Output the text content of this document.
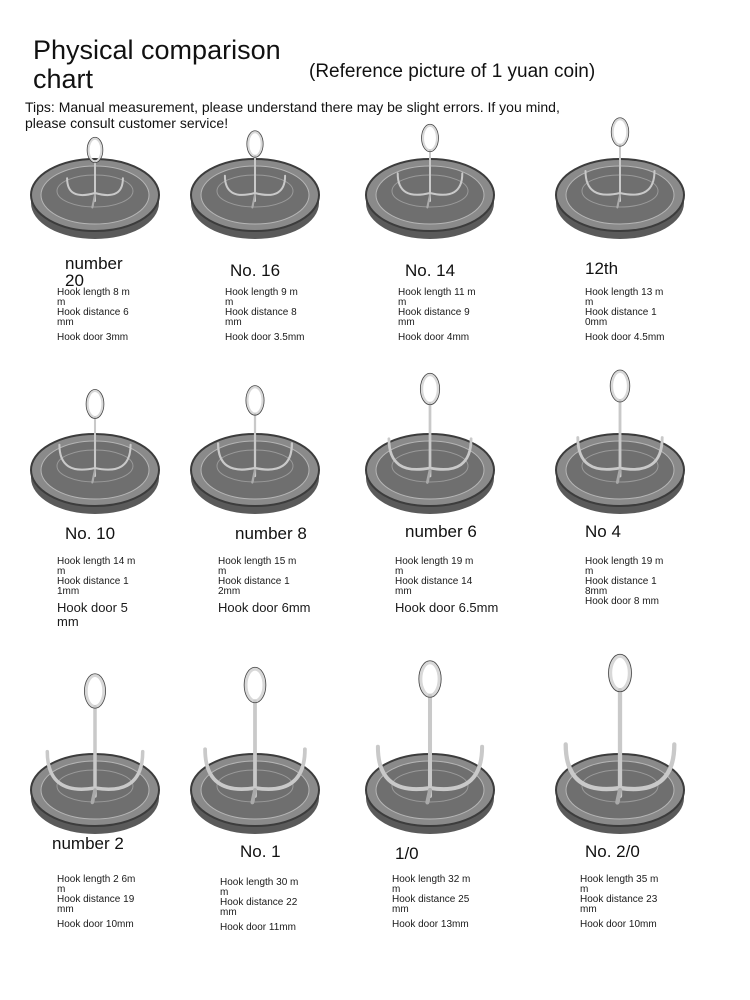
Physical comparison chart	(Reference picture of 1 yuan coin)
Tips: Manual measurement, please understand there may be slight errors. If you mind, please consult customer service!
number 20
Hook length 8 mm
Hook distance 6mm
Hook door 3mm
No. 16
Hook length 9 mm
Hook distance 8mm
Hook door 3.5mm
No. 14
Hook length 11 mm
Hook distance 9mm
Hook door 4mm
12th
Hook length 13 mm
Hook distance 1 0mm
Hook door 4.5mm
No. 10
Hook length 14 mm
Hook distance 1 1mm
Hook door 5 mm
number 8
Hook length 15 mm
Hook distance 1 2mm
Hook door 6mm
number 6
Hook length 19 mm
Hook distance 14 mm
Hook door 6.5mm
No 4
Hook length 19 mm
Hook distance 1 8mm
Hook door 8 mm
number 2
Hook length 2 6mm
Hook distance 19 mm
Hook door 10mm
No. 1
Hook length 30 mm
Hook distance 22 mm
Hook door 11mm
1/0
Hook length 32 mm
Hook distance 25 mm
Hook door 13mm
No. 2/0
Hook length 35 mm
Hook distance 23 mm
Hook door 10mm
